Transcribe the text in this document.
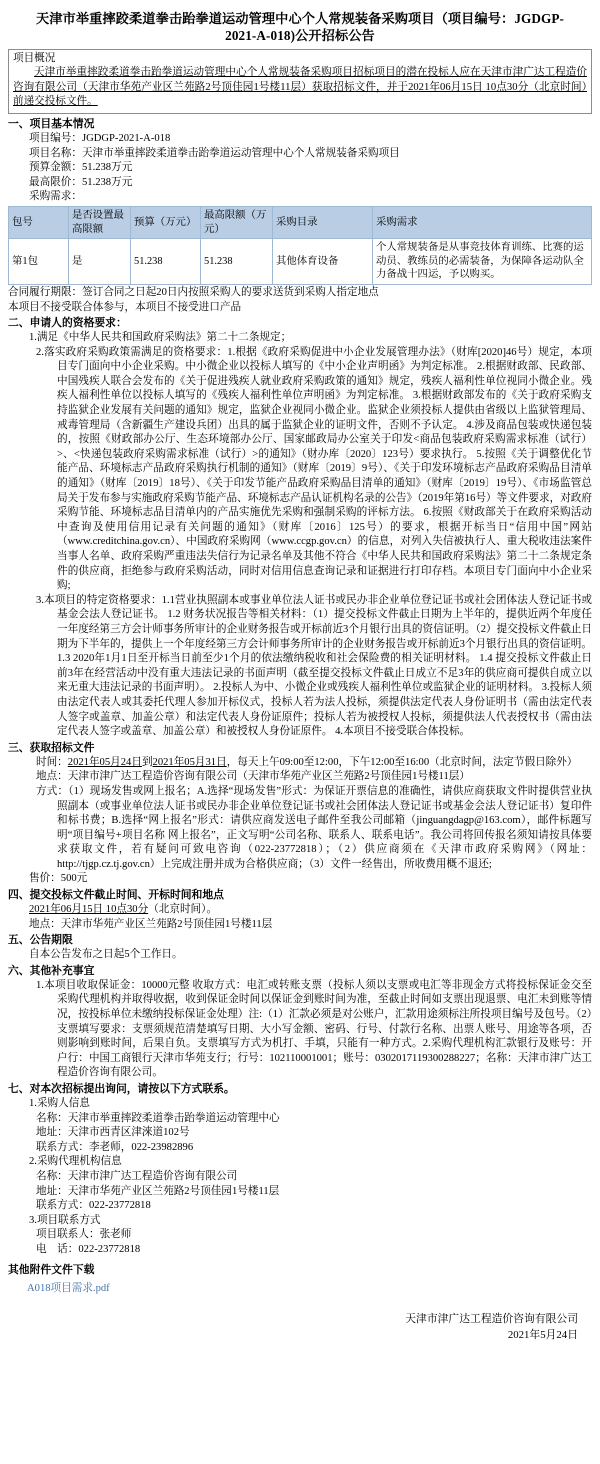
天津市举重摔跤柔道拳击跆拳道运动管理中心个人常规装备采购项目（项目编号：JGDGP-2021-A-018)公开招标公告
项目概况
天津市举重摔跤柔道拳击跆拳道运动管理中心个人常规装备采购项目招标项目的潜在投标人应在天津市津广达工程造价咨询有限公司（天津市华苑产业区兰苑路2号顶佳园1号楼11层）获取招标文件，并于2021年06月15日 10点30分（北京时间）前递交投标文件。
一、项目基本情况
项目编号：JGDGP-2021-A-018
项目名称：天津市举重摔跤柔道拳击跆拳道运动管理中心个人常规装备采购项目
预算金额：51.238万元
最高限价：51.238万元
采购需求：
包号	是否设置最高限额	预算（万元）	最高限额（万元）	采购目录	采购需求
第1包	是	51.238	51.238	其他体育设备	个人常规装备是从事竞技体育训练、比赛的运动员、教练员的必需装备，为保障各运动队全力备战十四运，予以购买。
合同履行期限：签订合同之日起20日内按照采购人的要求送货到采购人指定地点
本项目不接受联合体参与，本项目不接受进口产品
二、申请人的资格要求：
1.满足《中华人民共和国政府采购法》第二十二条规定；
2.落实政府采购政策需满足的资格要求：1.根据《政府采购促进中小企业发展管理办法》（财库[2020]46号）规定，本项目专门面向中小企业采购。中小微企业以投标人填写的《中小企业声明函》为判定标准。 2.根据财政部、民政部、中国残疾人联合会发布的《关于促进残疾人就业政府采购政策的通知》规定，残疾人福利性单位视同小微企业。残疾人福利性单位以投标人填写的《残疾人福利性单位声明函》为判定标准。 3.根据财政部发布的《关于政府采购支持监狱企业发展有关问题的通知》规定，监狱企业视同小微企业。监狱企业须投标人提供由省级以上监狱管理局、戒毒管理局（含新疆生产建设兵团）出具的属于监狱企业的证明文件，否则不予认定。 4.涉及商品包装或快递包装的，按照《财政部办公厅、生态环境部办公厅、国家邮政局办公室关于印发<商品包装政府采购需求标准（试行）>、<快递包装政府采购需求标准（试行）>的通知》（财办库〔2020〕123号）要求执行。 5.按照《关于调整优化节能产品、环境标志产品政府采购执行机制的通知》（财库〔2019〕9号）、《关于印发环境标志产品政府采购品目清单的通知》（财库〔2019〕18号）、《关于印发节能产品政府采购品目清单的通知》（财库〔2019〕19号）、《市场监管总局关于发布参与实施政府采购节能产品、环境标志产品认证机构名录的公告》（2019年第16号）等文件要求，对政府采购节能、环境标志品目清单内的产品实施优先采购和强制采购的评标方法。 6.按照《财政部关于在政府采购活动中查询及使用信用记录有关问题的通知》（财库〔2016〕125号）的要求，根据开标当日“信用中国”网站（www.creditchina.gov.cn）、中国政府采购网（www.ccgp.gov.cn）的信息，对列入失信被执行人、重大税收违法案件当事人名单、政府采购严重违法失信行为记录名单及其他不符合《中华人民共和国政府采购法》第二十二条规定条件的供应商，拒绝参与政府采购活动，同时对信用信息查询记录和证据进行打印存档。本项目专门面向中小企业采购;
3.本项目的特定资格要求：1.1营业执照副本或事业单位法人证书或民办非企业单位登记证书或社会团体法人登记证书或基金会法人登记证书。 1.2 财务状况报告等相关材料：（1）提交投标文件截止日期为上半年的，提供近两个年度任一年度经第三方会计师事务所审计的企业财务报告或开标前近3个月银行出具的资信证明。（2）提交投标文件截止日期为下半年的，提供上一个年度经第三方会计师事务所审计的企业财务报告或开标前近3个月银行出具的资信证明。 1.3 2020年1月1日至开标当日前至少1个月的依法缴纳税收和社会保险费的相关证明材料。 1.4 提交投标文件截止日前3年在经营活动中没有重大违法记录的书面声明（截至提交投标文件截止日成立不足3年的供应商可提供自成立以来无重大违法记录的书面声明）。 2.投标人为中、小微企业或残疾人福利性单位或监狱企业的证明材料。 3.投标人须由法定代表人或其委托代理人参加开标仪式，投标人若为法人投标，须提供法定代表人身份证明书（需由法定代表人签字或盖章、加盖公章）和法定代表人身份证原件；投标人若为被授权人投标，须提供法人代表授权书（需由法定代表人签字或盖章、加盖公章）和被授权人身份证原件。 4.本项目不接受联合体投标。
三、获取招标文件
时间：2021年05月24日到2021年05月31日，每天上午09:00至12:00，下午12:00至16:00（北京时间，法定节假日除外）
地点：天津市津广达工程造价咨询有限公司（天津市华苑产业区兰苑路2号顶佳园1号楼11层）
方式：（1）现场发售或网上报名；A.选择“现场发售”形式：为保证开票信息的准确性，请供应商获取文件时提供营业执照副本（或事业单位法人证书或民办非企业单位登记证书或社会团体法人登记证书或基金会法人登记证书）复印件和标书费；B.选择“网上报名”形式：请供应商发送电子邮件至我公司邮箱（jinguangdagp@163.com），邮件标题写明“项目编号+项目名称 网上报名”，正文写明“公司名称、联系人、联系电话”。我公司将回传报名须知请按具体要求获取文件，若有疑问可致电咨询（022-23772818）；（2）供应商须在《天津市政府采购网》（网址：http://tjgp.cz.tj.gov.cn）上完成注册并成为合格供应商；（3）文件一经售出，所收费用概不退还;
售价：500元
四、提交投标文件截止时间、开标时间和地点
2021年06月15日 10点30分（北京时间）。
地点：天津市华苑产业区兰苑路2号顶佳园1号楼11层
五、公告期限
自本公告发布之日起5个工作日。
六、其他补充事宜
1.本项目收取保证金：10000元整 收取方式：电汇或转账支票（投标人须以支票或电汇等非现金方式将投标保证金交至采购代理机构并取得收据，收到保证金时间以保证金到账时间为准，至截止时间如支票出现退票、电汇未到账等情况，按投标单位未缴纳投标保证金处理）注:（1）汇款必须是对公账户，汇款用途须标注所投项目编号及包号。（2）支票填写要求：支票须规范清楚填写日期、大小写金额、密码、行号、付款行名称、出票人账号、用途等各项，否则影响到账时间，后果自负。支票填写方式为机打、手填，只能有一种方式。2.采购代理机构汇款银行及账号：开户行：中国工商银行天津市华苑支行；行号：102110001001；账号：0302017119300288227；名称：天津市津广达工程造价咨询有限公司。
七、对本次招标提出询问，请按以下方式联系。
1.采购人信息
名称：天津市举重摔跤柔道拳击跆拳道运动管理中心
地址：天津市西青区津淶道102号
联系方式：李老师，022-23982896
2.采购代理机构信息
名称：天津市津广达工程造价咨询有限公司
地址：天津市华苑产业区兰苑路2号顶佳园1号楼11层
联系方式：022-23772818
3.项目联系方式
项目联系人：张老师
电　话：022-23772818
其他附件文件下载
A018项目需求.pdf
天津市津广达工程造价咨询有限公司
2021年5月24日
